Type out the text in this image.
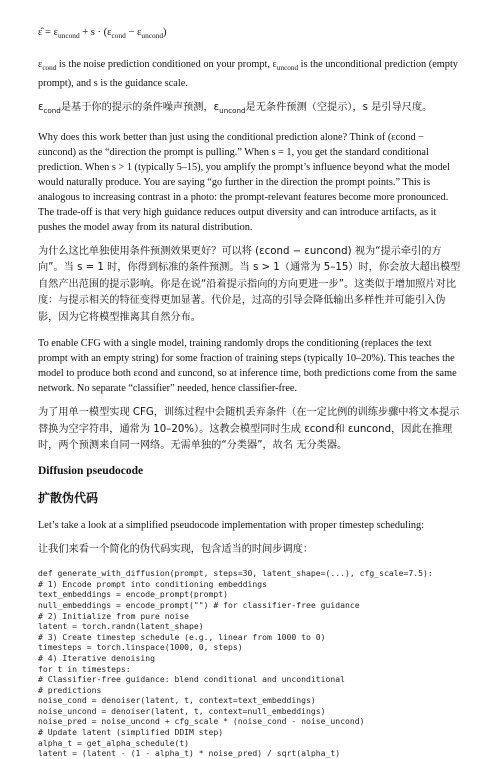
ε̂ = $\varepsilon_{uncond} + s \cdot (\varepsilon_{cond} - \varepsilon_{uncond})$

$\varepsilon_{cond}$ is the noise prediction conditioned on your prompt, $\varepsilon_{uncond}$ is the unconditional prediction (empty prompt), and s is the guidance scale.

$\varepsilon_{cond}$是基于你的提示的条件噪声预测，$\varepsilon_{uncond}$是无条件预测（空提示），s 是引导尺度。

Why does this work better than just using the conditional prediction alone? Think of (εcond − εuncond) as the “direction the prompt is pulling.” When s = 1, you get the standard conditional prediction. When s > 1 (typically 5–15), you amplify the prompt’s influence beyond what the model would naturally produce. You are saying “go further in the direction the prompt points.” This is analogous to increasing contrast in a photo: the prompt-relevant features become more pronounced. The trade-off is that very high guidance reduces output diversity and can introduce artifacts, as it pushes the model away from its natural distribution.

为什么这比单独使用条件预测效果更好？可以将 (εcond − εuncond) 视为“提示牵引的方向”。当 s = 1 时，你得到标准的条件预测。当 s > 1（通常为 5–15）时，你会放大超出模型自然产出范围的提示影响。你是在说“沿着提示指向的方向更进一步”。这类似于增加照片对比度：与提示相关的特征变得更加显著。代价是，过高的引导会降低输出多样性并可能引入伪影，因为它将模型推离其自然分布。

To enable CFG with a single model, training randomly drops the conditioning (replaces the text prompt with an empty string) for some fraction of training steps (typically 10–20%). This teaches the model to produce both εcond and εuncond, so at inference time, both predictions come from the same network. No separate “classifier” needed, hence classifier-free.

为了用单一模型实现 CFG，训练过程中会随机丢弃条件（在一定比例的训练步骤中将文本提示替换为空字符串，通常为 10–20%）。这教会模型同时生成 εcond和 εuncond，因此在推理时，两个预测来自同一网络。无需单独的“分类器”，故名 无分类器。

Diffusion pseudocode
扩散伪代码

Let’s take a look at a simplified pseudocode implementation with proper timestep scheduling:

让我们来看一个简化的伪代码实现，包含适当的时间步调度：

def generate_with_diffusion(prompt, steps=30, latent_shape=(...), cfg_scale=7.5):
# 1) Encode prompt into conditioning embeddings
text_embeddings = encode_prompt(prompt)
null_embeddings = encode_prompt("") # for classifier-free guidance
# 2) Initialize from pure noise
latent = torch.randn(latent_shape)
# 3) Create timestep schedule (e.g., linear from 1000 to 0)
timesteps = torch.linspace(1000, 0, steps)
# 4) Iterative denoising
for t in timesteps:
# Classifier-free guidance: blend conditional and unconditional
# predictions
noise_cond = denoiser(latent, t, context=text_embeddings)
noise_uncond = denoiser(latent, t, context=null_embeddings)
noise_pred = noise_uncond + cfg_scale * (noise_cond - noise_uncond)
# Update latent (simplified DDIM step)
alpha_t = get_alpha_schedule(t)
latent = (latent - (1 - alpha_t) * noise_pred) / sqrt(alpha_t)
